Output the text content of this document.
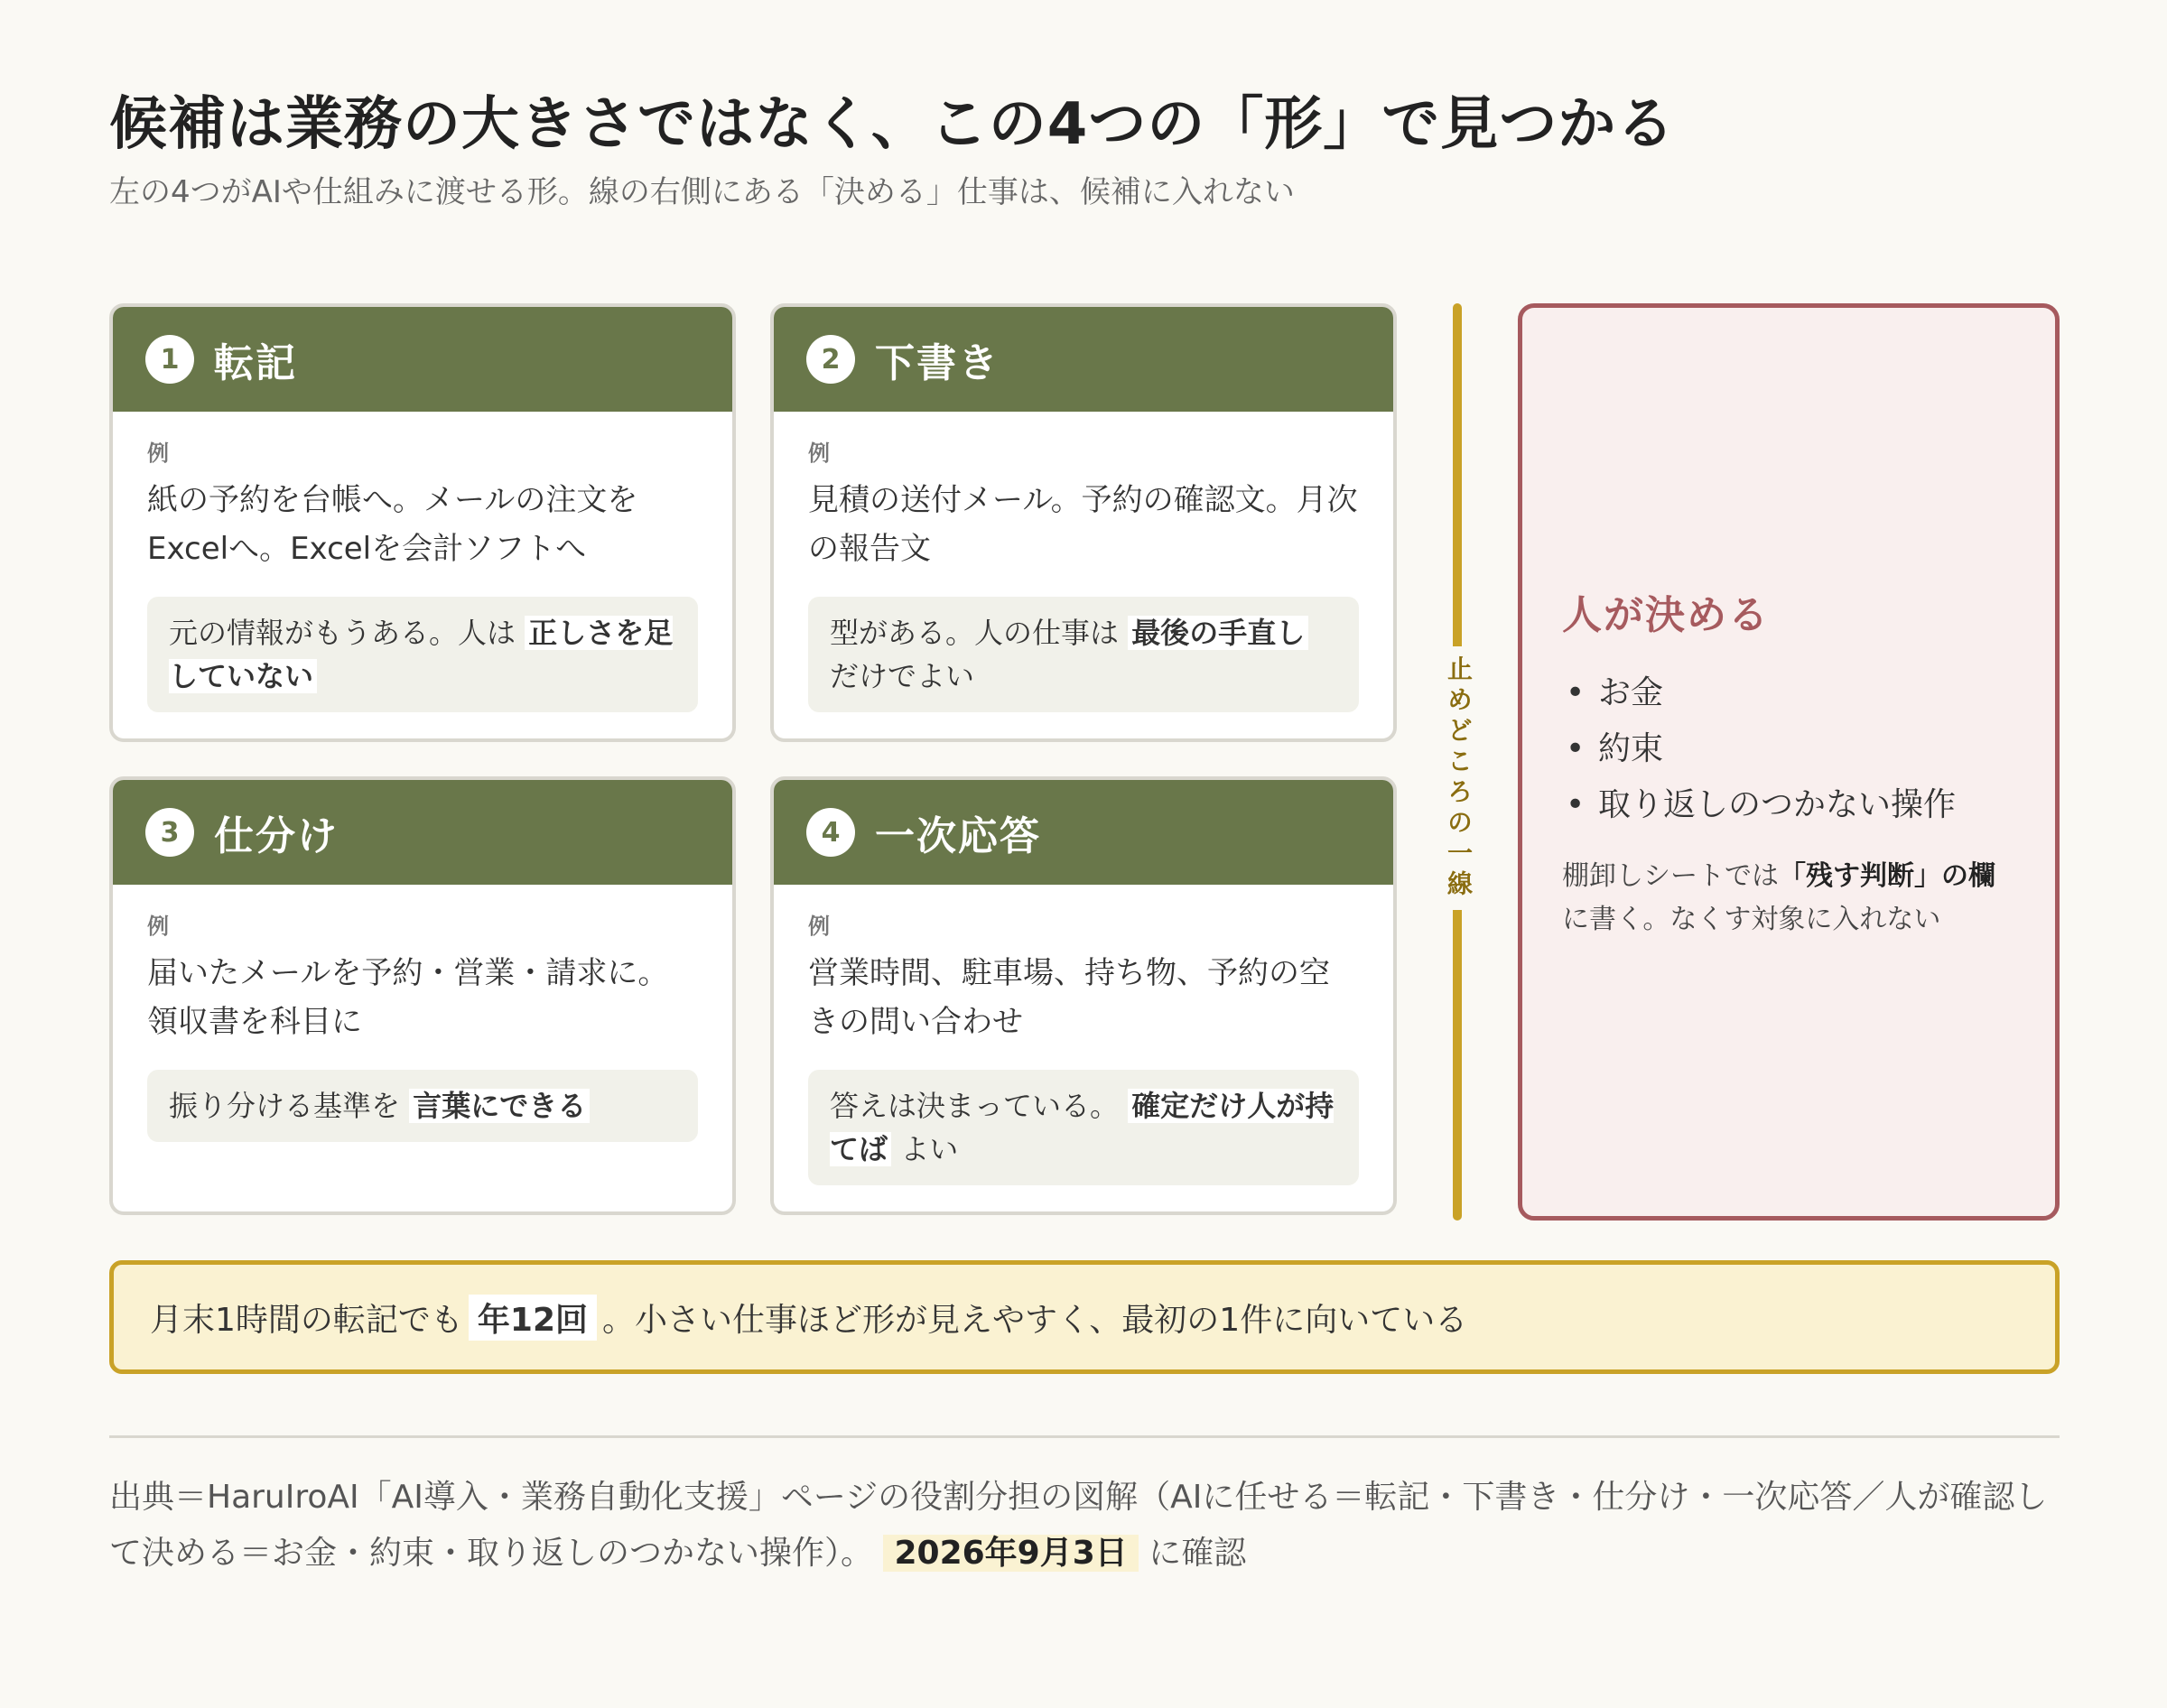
候補は業務の大きさではなく、この4つの「形」で見つかる
左の4つがAIや仕組みに渡せる形。線の右側にある「決める」仕事は、候補に入れない
1 転記
例
紙の予約を台帳へ。メールの注文をExcelへ。Excelを会計ソフトへ
元の情報がもうある。人は 正しさを足していない
2 下書き
例
見積の送付メール。予約の確認文。月次の報告文
型がある。人の仕事は 最後の手直しだけでよい
3 仕分け
例
届いたメールを予約・営業・請求に。領収書を科目に
振り分ける基準を 言葉にできる
4 一次応答
例
営業時間、駐車場、持ち物、予約の空きの問い合わせ
答えは決まっている。 確定だけ人が持てば よい
止めどころの一線
人が決める
• お金
• 約束
• 取り返しのつかない操作
棚卸しシートでは「残す判断」の欄に書く。なくす対象に入れない
月末1時間の転記でも 年12回 。小さい仕事ほど形が見えやすく、最初の1件に向いている
出典＝HaruIroAI「AI導入・業務自動化支援」ページの役割分担の図解（AIに任せる＝転記・下書き・仕分け・一次応答／人が確認して決める＝お金・約束・取り返しのつかない操作）。 2026年9月3日 に確認
